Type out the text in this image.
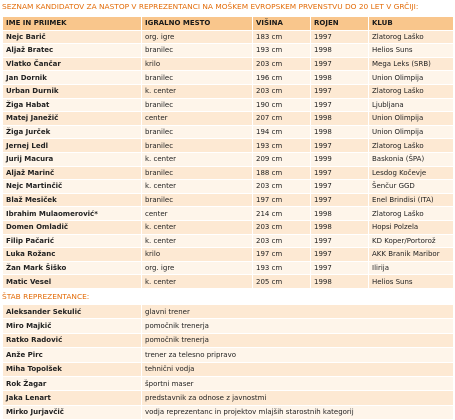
SEZNAM KANDIDATOV ZA NASTOP V REPREZENTANCI NA MOŠKEM EVROPSKEM PRVENSTVU DO 20 LET V GRČIJI:
IME IN PRIIMEK	IGRALNO MESTO	VIŠINA	ROJEN	KLUB
Nejc Barič	org. igre	183 cm	1997	Zlatorog Laško
Aljaž Bratec	branilec	193 cm	1998	Helios Suns
Vlatko Čančar	krilo	203 cm	1997	Mega Leks (SRB)
Jan Dornik	branilec	196 cm	1998	Union Olimpija
Urban Durnik	k. center	203 cm	1997	Zlatorog Laško
Žiga Habat	branilec	190 cm	1997	Ljubljana
Matej Janežič	center	207 cm	1998	Union Olimpija
Žiga Jurček	branilec	194 cm	1998	Union Olimpija
Jernej Ledl	branilec	193 cm	1997	Zlatorog Laško
Jurij Macura	k. center	209 cm	1999	Baskonia (ŠPA)
Aljaž Marinč	branilec	188 cm	1997	Lesdog Kočevje
Nejc Martinčič	k. center	203 cm	1997	Šenčur GGD
Blaž Mesiček	branilec	197 cm	1997	Enel Brindisi (ITA)
Ibrahim Mulaomerović*	center	214 cm	1998	Zlatorog Laško
Domen Omladič	k. center	203 cm	1998	Hopsi Polzela
Filip Pačarić	k. center	203 cm	1997	KD Koper/Portorož
Luka Rožanc	krilo	197 cm	1997	AKK Branik Maribor
Žan Mark Šiško	org. igre	193 cm	1997	Ilirija
Matic Vesel	k. center	205 cm	1998	Helios Suns
ŠTAB REPREZENTANCE:
Aleksander Sekulić	glavni trener
Miro Majkič	pomočnik trenerja
Ratko Radović	pomočnik trenerja
Anže Pirc	trener za telesno pripravo
Miha Topolšek	tehnični vodja
Rok Žagar	športni maser
Jaka Lenart	predstavnik za odnose z javnostmi
Mirko Jurjavčič	vodja reprezentanc in projektov mlajših starostnih kategorij
